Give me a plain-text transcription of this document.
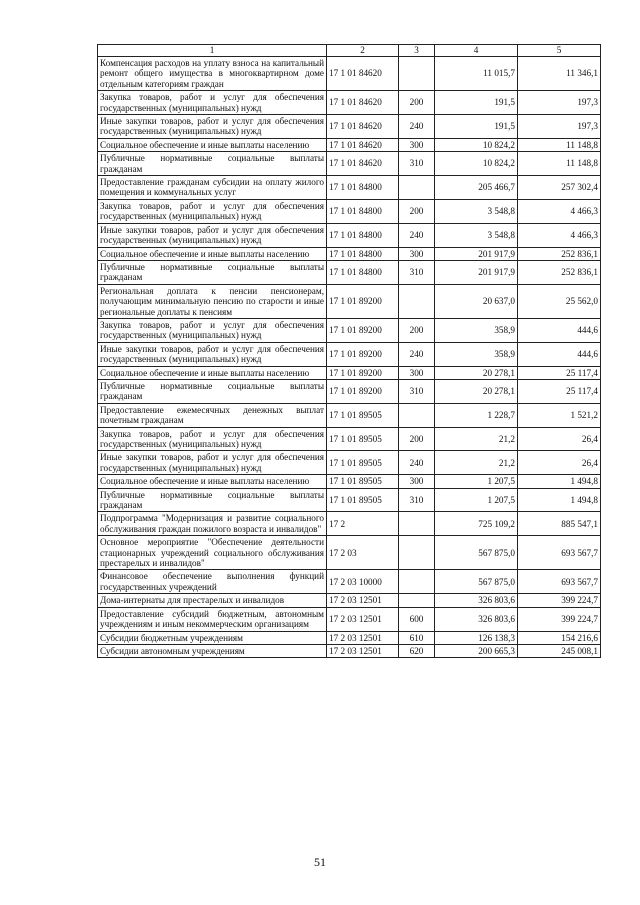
1	2	3	4	5
Компенсация расходов на уплату взноса на капитальный ремонт общего имущества в многоквартирном доме отдельным категориям граждан	17 1 01 84620		11 015,7	11 346,1
Закупка товаров, работ и услуг для обеспечения государственных (муниципальных) нужд	17 1 01 84620	200	191,5	197,3
Иные закупки товаров, работ и услуг для обеспечения государственных (муниципальных) нужд	17 1 01 84620	240	191,5	197,3
Социальное обеспечение и иные выплаты населению	17 1 01 84620	300	10 824,2	11 148,8
Публичные нормативные социальные выплаты гражданам	17 1 01 84620	310	10 824,2	11 148,8
Предоставление гражданам субсидии на оплату жилого помещения и коммунальных услуг	17 1 01 84800		205 466,7	257 302,4
Закупка товаров, работ и услуг для обеспечения государственных (муниципальных) нужд	17 1 01 84800	200	3 548,8	4 466,3
Иные закупки товаров, работ и услуг для обеспечения государственных (муниципальных) нужд	17 1 01 84800	240	3 548,8	4 466,3
Социальное обеспечение и иные выплаты населению	17 1 01 84800	300	201 917,9	252 836,1
Публичные нормативные социальные выплаты гражданам	17 1 01 84800	310	201 917,9	252 836,1
Региональная доплата к пенсии пенсионерам, получающим минимальную пенсию по старости и иные региональные доплаты к пенсиям	17 1 01 89200		20 637,0	25 562,0
Закупка товаров, работ и услуг для обеспечения государственных (муниципальных) нужд	17 1 01 89200	200	358,9	444,6
Иные закупки товаров, работ и услуг для обеспечения государственных (муниципальных) нужд	17 1 01 89200	240	358,9	444,6
Социальное обеспечение и иные выплаты населению	17 1 01 89200	300	20 278,1	25 117,4
Публичные нормативные социальные выплаты гражданам	17 1 01 89200	310	20 278,1	25 117,4
Предоставление ежемесячных денежных выплат почетным гражданам	17 1 01 89505		1 228,7	1 521,2
Закупка товаров, работ и услуг для обеспечения государственных (муниципальных) нужд	17 1 01 89505	200	21,2	26,4
Иные закупки товаров, работ и услуг для обеспечения государственных (муниципальных) нужд	17 1 01 89505	240	21,2	26,4
Социальное обеспечение и иные выплаты населению	17 1 01 89505	300	1 207,5	1 494,8
Публичные нормативные социальные выплаты гражданам	17 1 01 89505	310	1 207,5	1 494,8
Подпрограмма "Модернизация и развитие социального обслуживания граждан пожилого возраста и инвалидов"	17 2		725 109,2	885 547,1
Основное мероприятие "Обеспечение деятельности стационарных учреждений социального обслуживания престарелых и инвалидов"	17 2 03		567 875,0	693 567,7
Финансовое обеспечение выполнения функций государственных учреждений	17 2 03 10000		567 875,0	693 567,7
Дома-интернаты для престарелых и инвалидов	17 2 03 12501		326 803,6	399 224,7
Предоставление субсидий бюджетным, автономным учреждениям и иным некоммерческим организациям	17 2 03 12501	600	326 803,6	399 224,7
Субсидии бюджетным учреждениям	17 2 03 12501	610	126 138,3	154 216,6
Субсидии автономным учреждениям	17 2 03 12501	620	200 665,3	245 008,1
51
